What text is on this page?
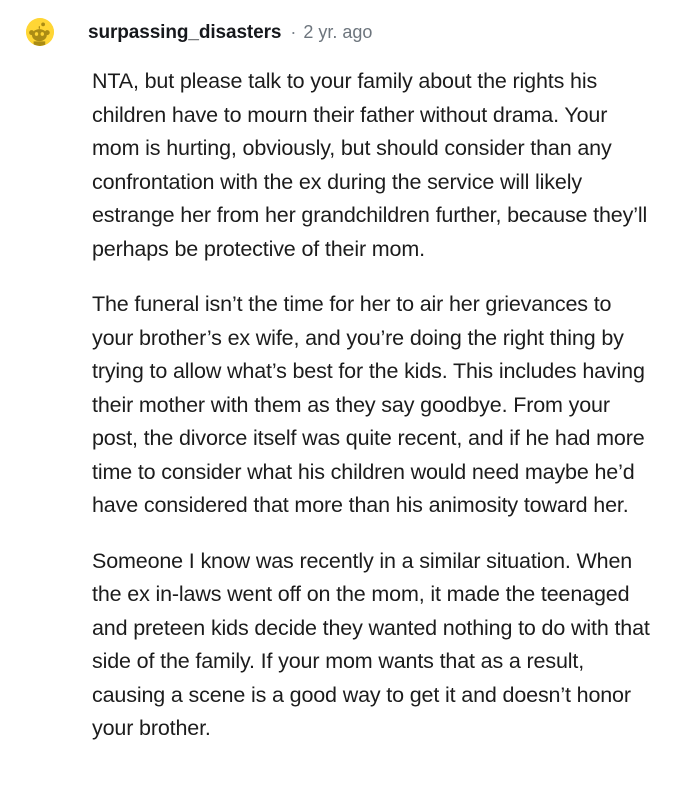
surpassing_disasters · 2 yr. ago

NTA, but please talk to your family about the rights his children have to mourn their father without drama. Your mom is hurting, obviously, but should consider than any confrontation with the ex during the service will likely estrange her from her grandchildren further, because they’ll perhaps be protective of their mom.

The funeral isn’t the time for her to air her grievances to your brother’s ex wife, and you’re doing the right thing by trying to allow what’s best for the kids. This includes having their mother with them as they say goodbye. From your post, the divorce itself was quite recent, and if he had more time to consider what his children would need maybe he’d have considered that more than his animosity toward her.

Someone I know was recently in a similar situation. When the ex in-laws went off on the mom, it made the teenaged and preteen kids decide they wanted nothing to do with that side of the family. If your mom wants that as a result, causing a scene is a good way to get it and doesn’t honor your brother.
